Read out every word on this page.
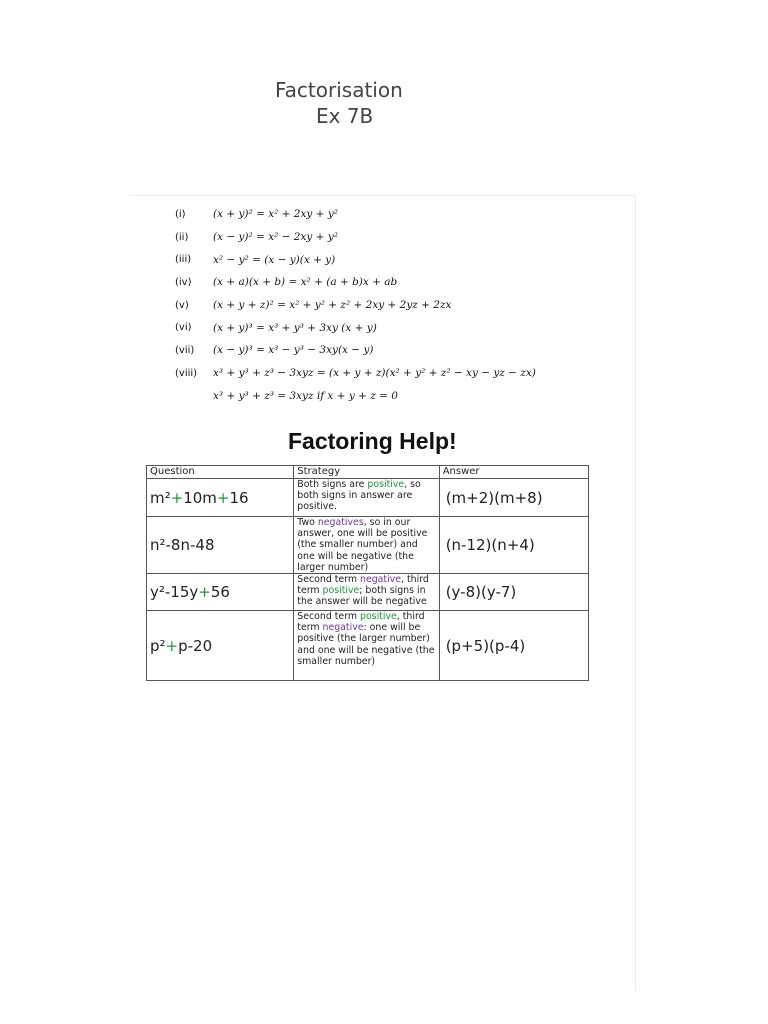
Factorisation
Ex 7B
(i)	(x + y)² = x² + 2xy + y²
(ii)	(x − y)² = x² − 2xy + y²
(iii)	x² − y² = (x − y)(x + y)
(iv)	(x + a)(x + b) = x² + (a + b)x + ab
(v)	(x + y + z)² = x² + y² + z² + 2xy + 2yz + 2zx
(vi)	(x + y)³ = x³ + y³ + 3xy (x + y)
(vii)	(x − y)³ = x³ − y³ − 3xy(x − y)
(viii)	x³ + y³ + z³ − 3xyz = (x + y + z)(x² + y² + z² − xy − yz − zx)
x³ + y³ + z³ = 3xyz if x + y + z = 0
Factoring Help!
Question	Strategy	Answer
m²+10m+16	Both signs are positive, so both signs in answer are positive.	(m+2)(m+8)
n²-8n-48	Two negatives, so in our answer, one will be positive (the smaller number) and one will be negative (the larger number)	(n-12)(n+4)
y²-15y+56	Second term negative, third term positive; both signs in the answer will be negative	(y-8)(y-7)
p²+p-20	Second term positive, third term negative: one will be positive (the larger number) and one will be negative (the smaller number)	(p+5)(p-4)
